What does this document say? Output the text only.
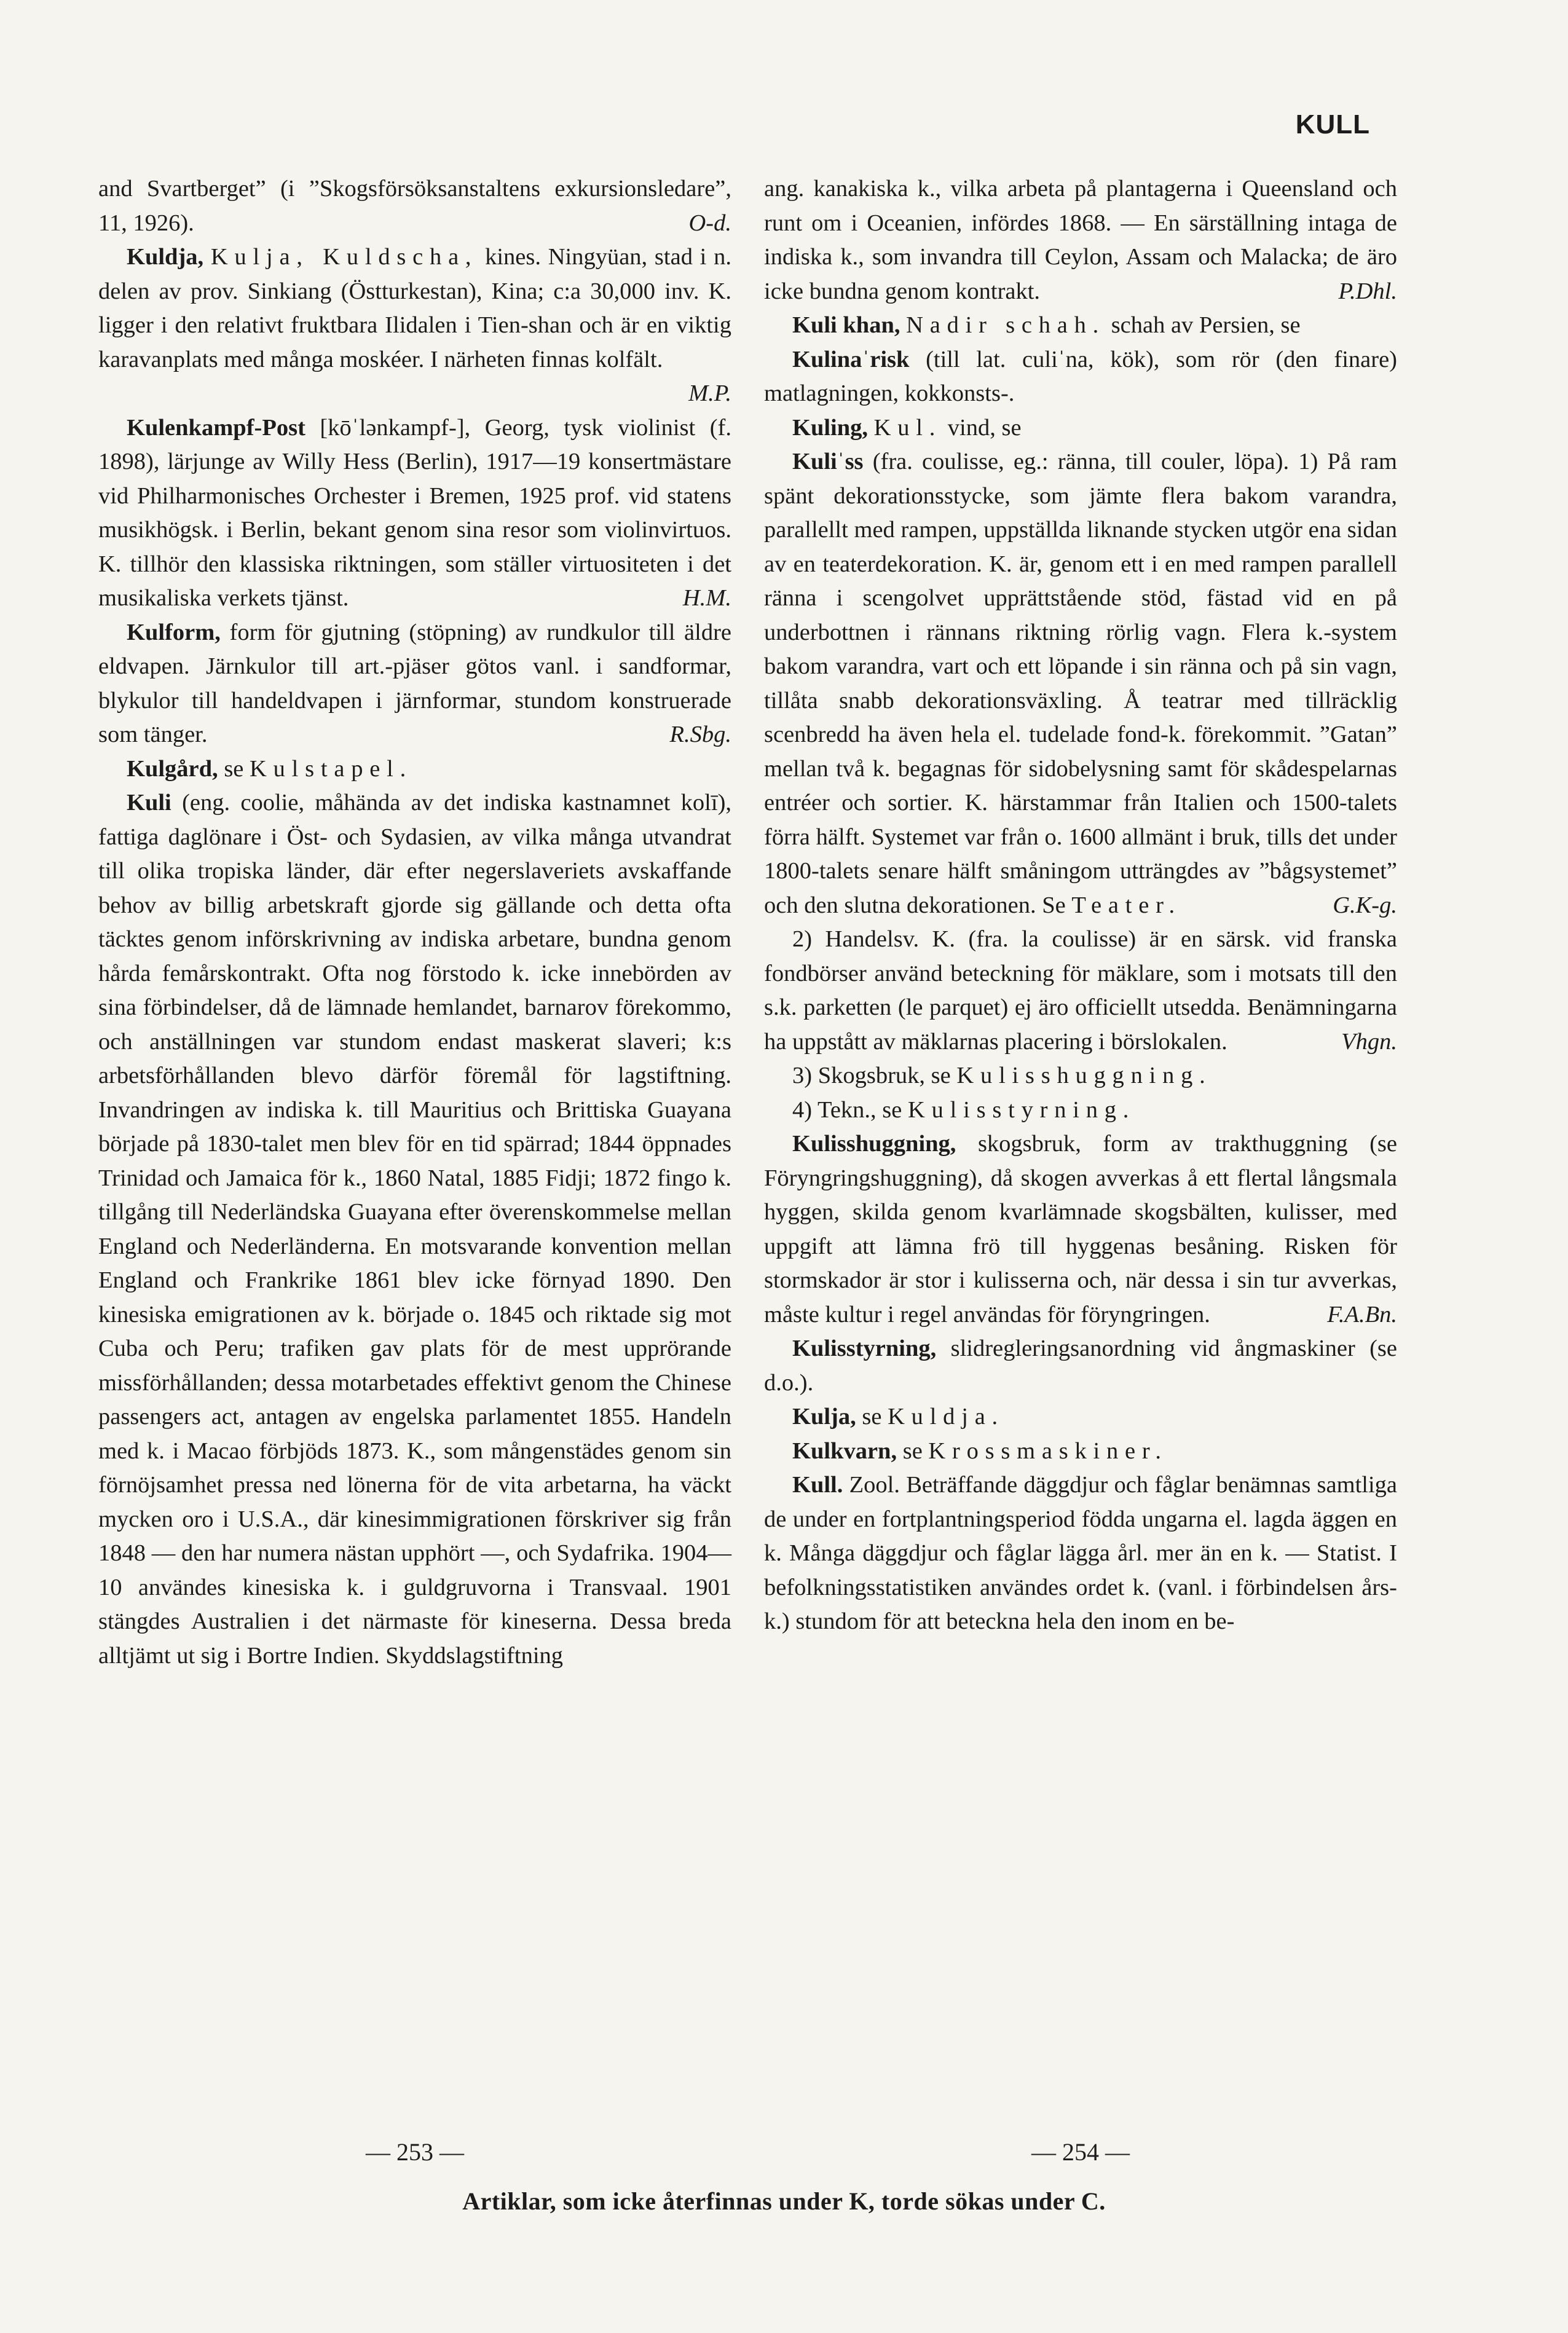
KULL

and Svartberget” (i ”Skogsförsöksanstaltens exkursionsledare”, 11, 1926).	O-d.

Kuldja, Kulja, Kuldscha, kines. Ningyüan, stad i n. delen av prov. Sinkiang (Östturkestan), Kina; c:a 30,000 inv. K. ligger i den relativt fruktbara Ilidalen i Tien-shan och är en viktig karavanplats med många moskéer. I närheten finnas kolfält.
M.P.

Kulenkampf-Post [kōˈlənkampf-], Georg, tysk violinist (f. 1898), lärjunge av Willy Hess (Berlin), 1917—19 konsertmästare vid Philharmonisches Orchester i Bremen, 1925 prof. vid statens musikhögsk. i Berlin, bekant genom sina resor som violinvirtuos. K. tillhör den klassiska riktningen, som ställer virtuositeten i det musikaliska verkets tjänst.	H.M.

Kulform, form för gjutning (stöpning) av rundkulor till äldre eldvapen. Järnkulor till art.-pjäser götos vanl. i sandformar, blykulor till handeldvapen i järnformar, stundom konstruerade som tänger.	R.Sbg.

Kulgård, se Kulstapel.

Kuli (eng. coolie, måhända av det indiska kastnamnet kolī), fattiga daglönare i Öst- och Sydasien, av vilka många utvandrat till olika tropiska länder, där efter negerslaveriets avskaffande behov av billig arbetskraft gjorde sig gällande och detta ofta täcktes genom införskrivning av indiska arbetare, bundna genom hårda femårskontrakt. Ofta nog förstodo k. icke innebörden av sina förbindelser, då de lämnade hemlandet, barnarov förekommo, och anställningen var stundom endast maskerat slaveri; k:s arbetsförhållanden blevo därför föremål för lagstiftning. Invandringen av indiska k. till Mauritius och Brittiska Guayana började på 1830-talet men blev för en tid spärrad; 1844 öppnades Trinidad och Jamaica för k., 1860 Natal, 1885 Fidji; 1872 fingo k. tillgång till Nederländska Guayana efter överenskommelse mellan England och Nederländerna. En motsvarande konvention mellan England och Frankrike 1861 blev icke förnyad 1890. Den kinesiska emigrationen av k. började o. 1845 och riktade sig mot Cuba och Peru; trafiken gav plats för de mest upprörande missförhållanden; dessa motarbetades effektivt genom the Chinese passengers act, antagen av engelska parlamentet 1855. Handeln med k. i Macao förbjöds 1873. K., som mångenstädes genom sin förnöjsamhet pressa ned lönerna för de vita arbetarna, ha väckt mycken oro i U.S.A., där kinesimmigrationen förskriver sig från 1848 — den har numera nästan upphört —, och Sydafrika. 1904—10 användes kinesiska k. i guldgruvorna i Transvaal. 1901 stängdes Australien i det närmaste för kineserna. Dessa breda alltjämt ut sig i Bortre Indien. Skyddslagstiftning

ang. kanakiska k., vilka arbeta på plantagerna i Queensland och runt om i Oceanien, infördes 1868. — En särställning intaga de indiska k., som invandra till Ceylon, Assam och Malacka; de äro icke bundna genom kontrakt.	P.Dhl.

Kuli khan, Nadir schah. schah av Persien, se

Kulinaˈrisk (till lat. culiˈna, kök), som rör (den finare) matlagningen, kokkonsts-.

Kuling, Kul. vind, se

Kuliˈss (fra. coulisse, eg.: ränna, till couler, löpa). 1) På ram spänt dekorationsstycke, som jämte flera bakom varandra, parallellt med rampen, uppställda liknande stycken utgör ena sidan av en teaterdekoration. K. är, genom ett i en med rampen parallell ränna i scengolvet upprättstående stöd, fästad vid en på underbottnen i rännans riktning rörlig vagn. Flera k.-system bakom varandra, vart och ett löpande i sin ränna och på sin vagn, tillåta snabb dekorationsväxling. Å teatrar med tillräcklig scenbredd ha även hela el. tudelade fond-k. förekommit. ”Gatan” mellan två k. begagnas för sidobelysning samt för skådespelarnas entréer och sortier. K. härstammar från Italien och 1500-talets förra hälft. Systemet var från o. 1600 allmänt i bruk, tills det under 1800-talets senare hälft småningom utträngdes av ”bågsystemet” och den slutna dekorationen. Se Teater.	G.K-g.

2) Handelsv. K. (fra. la coulisse) är en särsk. vid franska fondbörser använd beteckning för mäklare, som i motsats till den s.k. parketten (le parquet) ej äro officiellt utsedda. Benämningarna ha uppstått av mäklarnas placering i börslokalen.	Vhgn.

3) Skogsbruk, se Kulisshuggning.

4) Tekn., se Kulisstyrning.

Kulisshuggning, skogsbruk, form av trakthuggning (se Föryngringshuggning), då skogen avverkas å ett flertal långsmala hyggen, skilda genom kvarlämnade skogsbälten, kulisser, med uppgift att lämna frö till hyggenas besåning. Risken för stormskador är stor i kulisserna och, när dessa i sin tur avverkas, måste kultur i regel användas för föryngringen.	F.A.Bn.

Kulisstyrning, slidregleringsanordning vid ångmaskiner (se d.o.).

Kulja, se Kuldja.

Kulkvarn, se Krossmaskiner.

Kull. Zool. Beträffande däggdjur och fåglar benämnas samtliga de under en fortplantningsperiod födda ungarna el. lagda äggen en k. Många däggdjur och fåglar lägga årl. mer än en k. — Statist. I befolkningsstatistiken användes ordet k. (vanl. i förbindelsen års-k.) stundom för att beteckna hela den inom en be-

— 253 —	— 254 —
Artiklar, som icke återfinnas under K, torde sökas under C.
